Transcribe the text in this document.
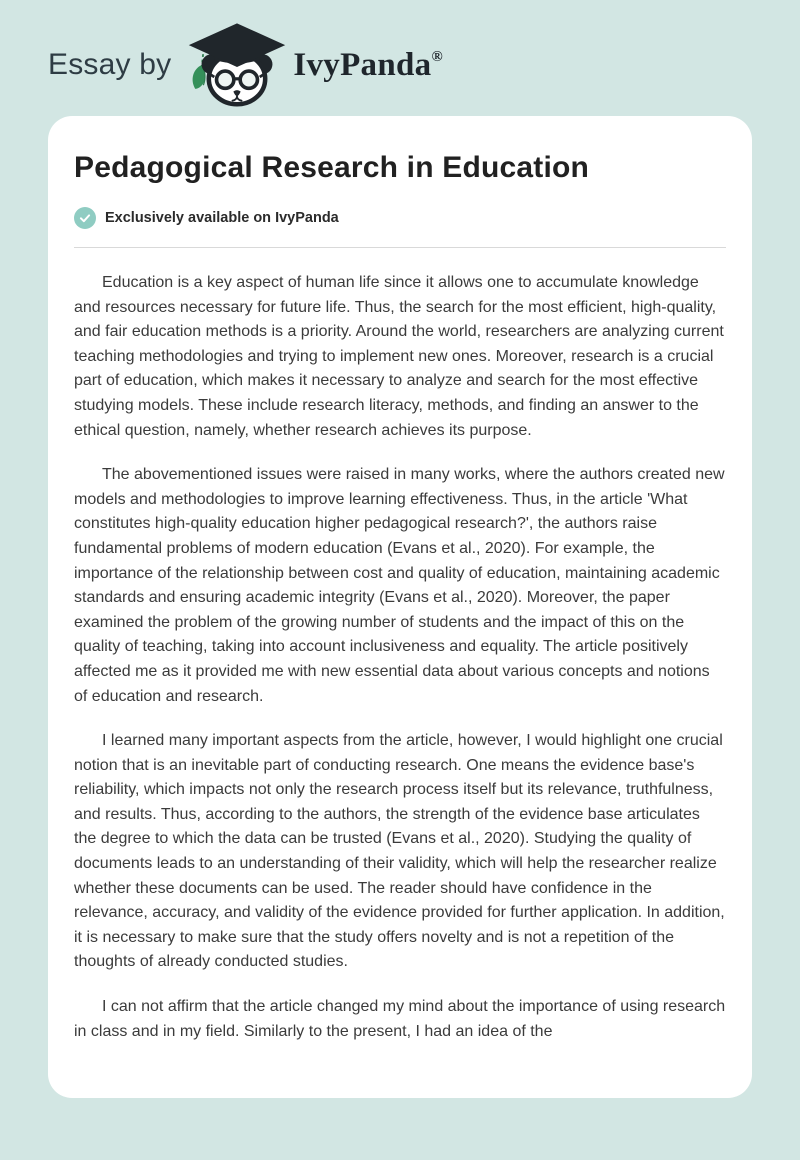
Essay by	IvyPanda®
Pedagogical Research in Education
Exclusively available on IvyPanda

Education is a key aspect of human life since it allows one to accumulate knowledge and resources necessary for future life. Thus, the search for the most efficient, high-quality, and fair education methods is a priority. Around the world, researchers are analyzing current teaching methodologies and trying to implement new ones. Moreover, research is a crucial part of education, which makes it necessary to analyze and search for the most effective studying models. These include research literacy, methods, and finding an answer to the ethical question, namely, whether research achieves its purpose.

The abovementioned issues were raised in many works, where the authors created new models and methodologies to improve learning effectiveness. Thus, in the article 'What constitutes high-quality education higher pedagogical research?', the authors raise fundamental problems of modern education (Evans et al., 2020). For example, the importance of the relationship between cost and quality of education, maintaining academic standards and ensuring academic integrity (Evans et al., 2020). Moreover, the paper examined the problem of the growing number of students and the impact of this on the quality of teaching, taking into account inclusiveness and equality. The article positively affected me as it provided me with new essential data about various concepts and notions of education and research.

I learned many important aspects from the article, however, I would highlight one crucial notion that is an inevitable part of conducting research. One means the evidence base's reliability, which impacts not only the research process itself but its relevance, truthfulness, and results. Thus, according to the authors, the strength of the evidence base articulates the degree to which the data can be trusted (Evans et al., 2020). Studying the quality of documents leads to an understanding of their validity, which will help the researcher realize whether these documents can be used. The reader should have confidence in the relevance, accuracy, and validity of the evidence provided for further application. In addition, it is necessary to make sure that the study offers novelty and is not a repetition of the thoughts of already conducted studies.

I can not affirm that the article changed my mind about the importance of using research in class and in my field. Similarly to the present, I had an idea of the
